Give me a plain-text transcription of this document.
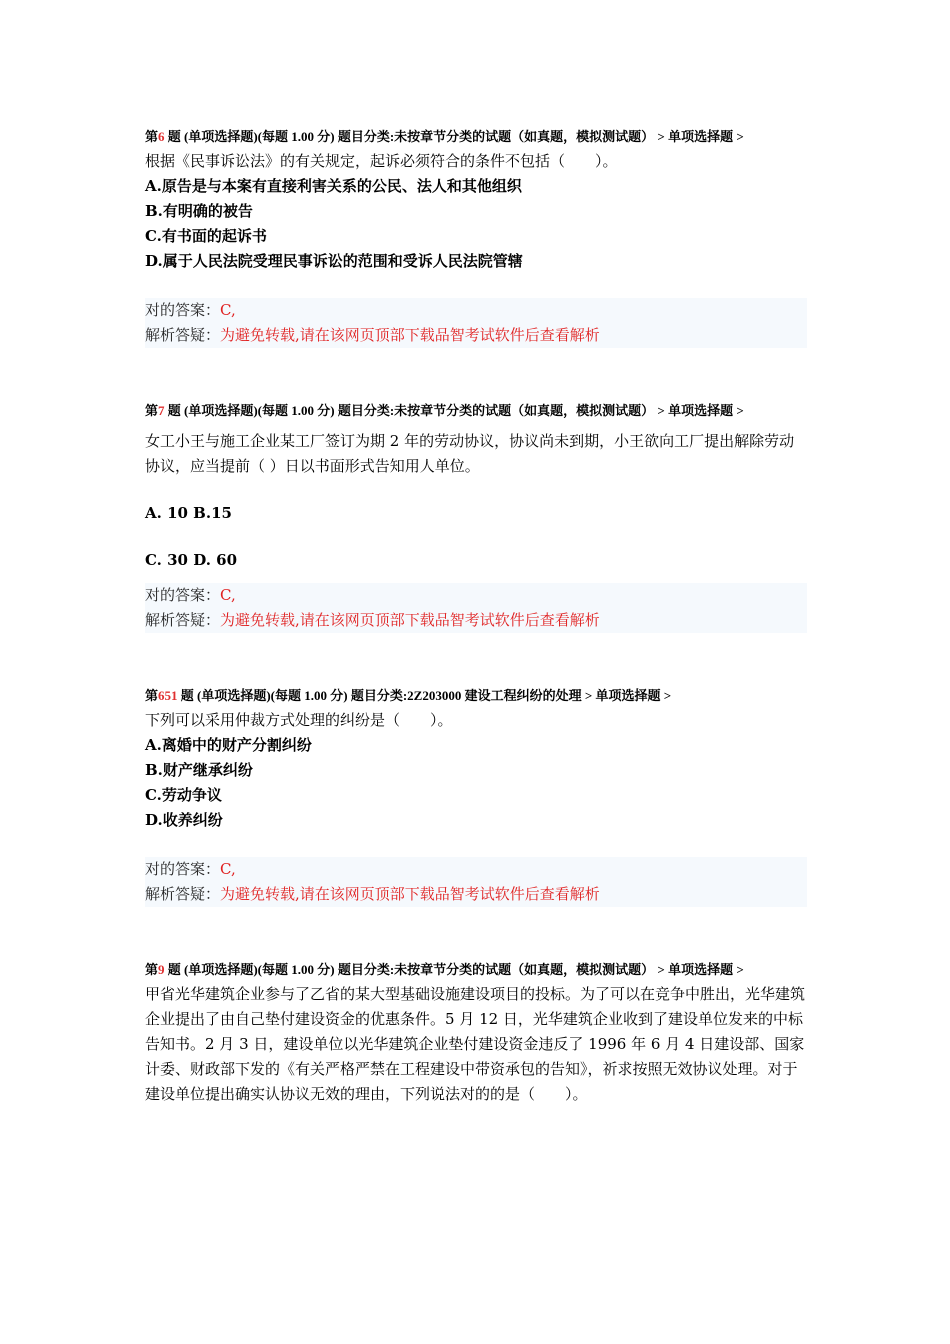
第6 题 (单项选择题)(每题 1.00 分) 题目分类:未按章节分类的试题（如真题，模拟测试题） > 单项选择题 >
根据《民事诉讼法》的有关规定，起诉必须符合的条件不包括（　　）。
A.原告是与本案有直接利害关系的公民、法人和其他组织
B.有明确的被告
C.有书面的起诉书
D.属于人民法院受理民事诉讼的范围和受诉人民法院管辖
对的答案：C,
解析答疑：为避免转载,请在该网页顶部下载品智考试软件后查看解析
第7 题 (单项选择题)(每题 1.00 分) 题目分类:未按章节分类的试题（如真题，模拟测试题） > 单项选择题 >
女工小王与施工企业某工厂签订为期 2 年的劳动协议，协议尚未到期，小王欲向工厂提出解除劳动协议，应当提前（ ）日以书面形式告知用人单位。
A. 10 B.15
C. 30 D. 60
对的答案：C,
解析答疑：为避免转载,请在该网页顶部下载品智考试软件后查看解析
第651 题 (单项选择题)(每题 1.00 分) 题目分类:2Z203000 建设工程纠纷的处理 > 单项选择题 >
下列可以采用仲裁方式处理的纠纷是（　　）。
A.离婚中的财产分割纠纷
B.财产继承纠纷
C.劳动争议
D.收养纠纷
对的答案：C,
解析答疑：为避免转载,请在该网页顶部下载品智考试软件后查看解析
第9 题 (单项选择题)(每题 1.00 分) 题目分类:未按章节分类的试题（如真题，模拟测试题） > 单项选择题 >
甲省光华建筑企业参与了乙省的某大型基础设施建设项目的投标。为了可以在竞争中胜出，光华建筑企业提出了由自己垫付建设资金的优惠条件。5 月 12 日，光华建筑企业收到了建设单位发来的中标告知书。2 月 3 日，建设单位以光华建筑企业垫付建设资金违反了 1996 年 6 月 4 日建设部、国家计委、财政部下发的《有关严格严禁在工程建设中带资承包的告知》，祈求按照无效协议处理。对于建设单位提出确实认协议无效的理由，下列说法对的的是（　　）。
